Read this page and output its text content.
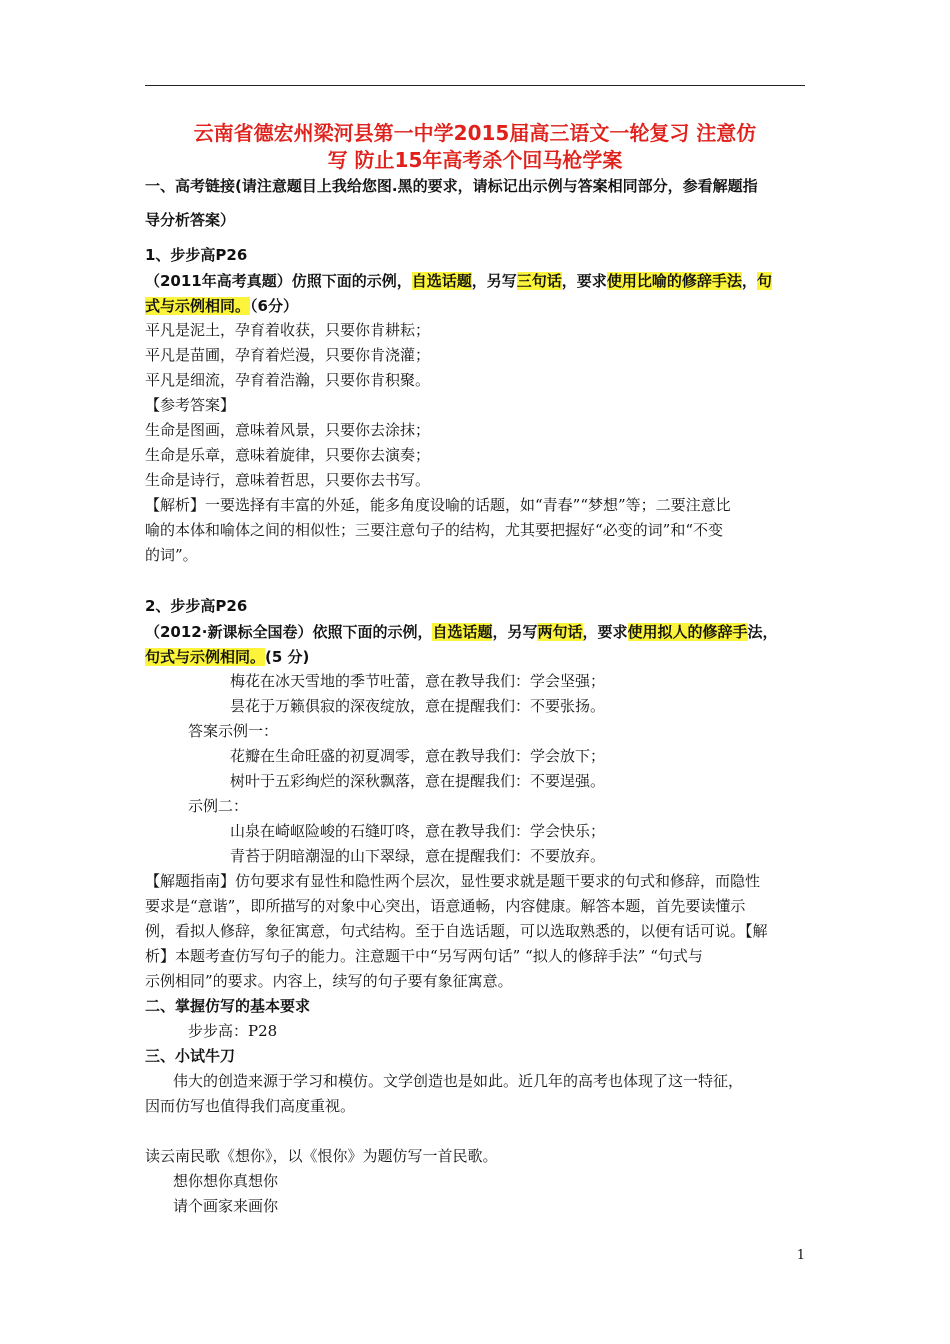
云南省德宏州梁河县第一中学2015届高三语文一轮复习 注意仿
写 防止15年高考杀个回马枪学案
一、高考链接(请注意题目上我给您图.黑的要求，请标记出示例与答案相同部分，参看解题指
导分析答案）
1、步步高P26
（2011年高考真题）仿照下面的示例，自选话题，另写三句话，要求使用比喻的修辞手法，句
式与示例相同。（6分）
平凡是泥土，孕育着收获，只要你肯耕耘；
平凡是苗圃，孕育着烂漫，只要你肯浇灌；
平凡是细流，孕育着浩瀚，只要你肯积聚。
【参考答案】
生命是图画，意味着风景，只要你去涂抹；
生命是乐章，意味着旋律，只要你去演奏；
生命是诗行，意味着哲思，只要你去书写。
【解析】一要选择有丰富的外延，能多角度设喻的话题，如“青春”“梦想”等；二要注意比
喻的本体和喻体之间的相似性；三要注意句子的结构，尤其要把握好“必变的词”和“不变
的词”。
2、步步高P26
（2012·新课标全国卷）依照下面的示例，自选话题，另写两句话，要求使用拟人的修辞手法，
句式与示例相同。(5 分)
梅花在冰天雪地的季节吐蕾，意在教导我们：学会坚强；
昙花于万籁俱寂的深夜绽放，意在提醒我们：不要张扬。
答案示例一：
花瓣在生命旺盛的初夏凋零，意在教导我们：学会放下；
树叶于五彩绚烂的深秋飘落，意在提醒我们：不要逞强。
示例二：
山泉在崎岖险峻的石缝叮咚，意在教导我们：学会快乐；
青苔于阴暗潮湿的山下翠绿，意在提醒我们：不要放弃。
【解题指南】仿句要求有显性和隐性两个层次，显性要求就是题干要求的句式和修辞，而隐性
要求是“意谐”，即所描写的对象中心突出，语意通畅，内容健康。解答本题，首先要读懂示
例，看拟人修辞，象征寓意，句式结构。至于自选话题，可以选取熟悉的，以便有话可说。【解
析】本题考查仿写句子的能力。注意题干中“另写两句话” “拟人的修辞手法” “句式与
示例相同”的要求。内容上，续写的句子要有象征寓意。
二、掌握仿写的基本要求
步步高：P28
三、小试牛刀
伟大的创造来源于学习和模仿。文学创造也是如此。近几年的高考也体现了这一特征，
因而仿写也值得我们高度重视。
读云南民歌《想你》，以《恨你》为题仿写一首民歌。
想你想你真想你
请个画家来画你
1
